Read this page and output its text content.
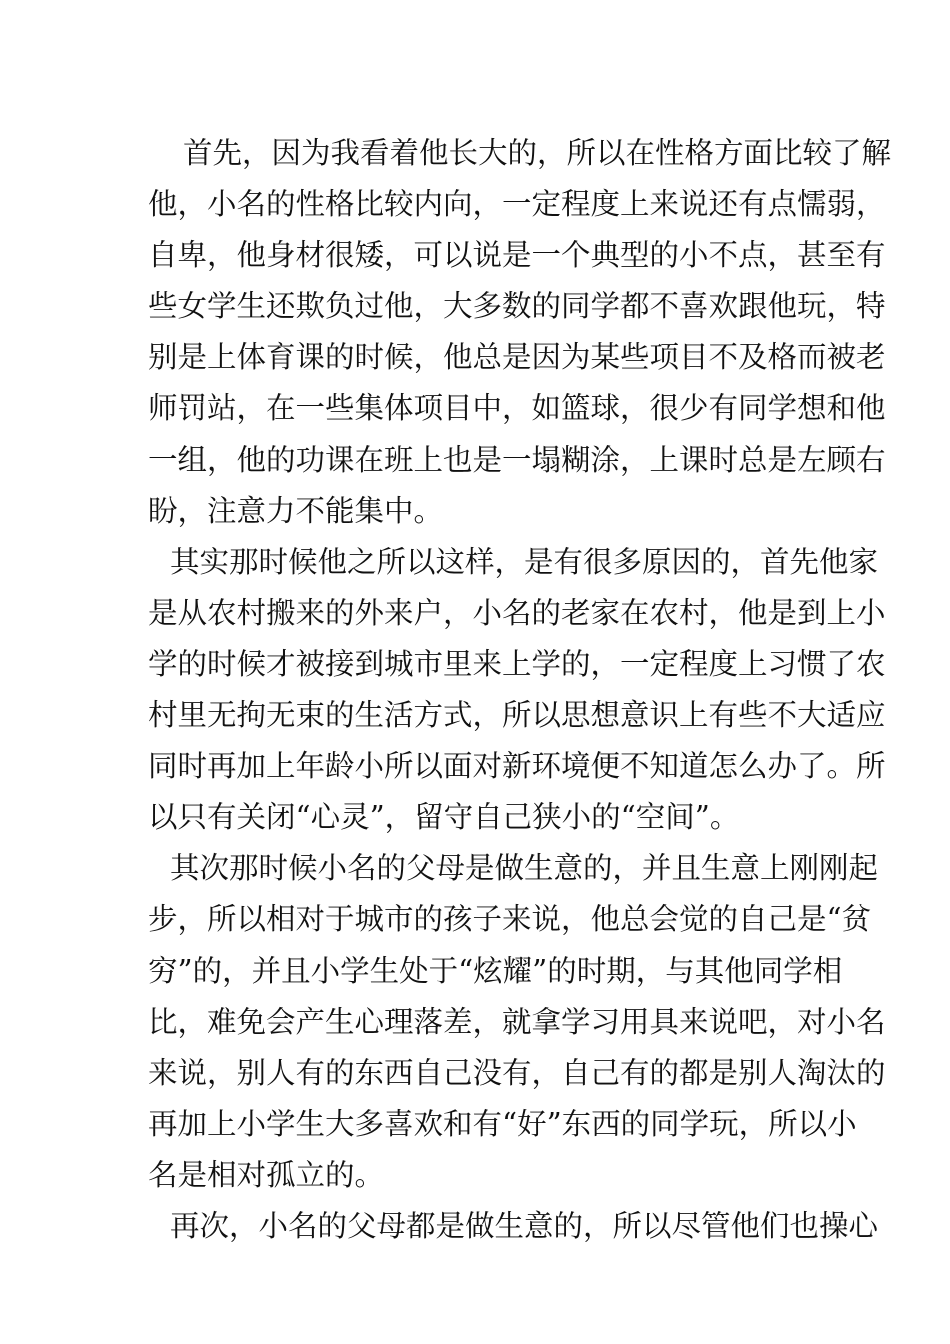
首先，因为我看着他长大的，所以在性格方面比较了解
他，小名的性格比较内向，一定程度上来说还有点懦弱，
自卑，他身材很矮，可以说是一个典型的小不点，甚至有
些女学生还欺负过他，大多数的同学都不喜欢跟他玩，特
别是上体育课的时候，他总是因为某些项目不及格而被老
师罚站，在一些集体项目中，如篮球，很少有同学想和他
一组，他的功课在班上也是一塌糊涂，上课时总是左顾右
盼，注意力不能集中。
其实那时候他之所以这样，是有很多原因的，首先他家
是从农村搬来的外来户，小名的老家在农村，他是到上小
学的时候才被接到城市里来上学的，一定程度上习惯了农
村里无拘无束的生活方式，所以思想意识上有些不大适应
同时再加上年龄小所以面对新环境便不知道怎么办了。所
以只有关闭“心灵”，留守自己狭小的“空间”。
其次那时候小名的父母是做生意的，并且生意上刚刚起
步，所以相对于城市的孩子来说，他总会觉的自己是“贫
穷”的，并且小学生处于“炫耀”的时期，与其他同学相
比，难免会产生心理落差，就拿学习用具来说吧，对小名
来说，别人有的东西自己没有，自己有的都是别人淘汰的
再加上小学生大多喜欢和有“好”东西的同学玩，所以小
名是相对孤立的。
再次，小名的父母都是做生意的，所以尽管他们也操心
